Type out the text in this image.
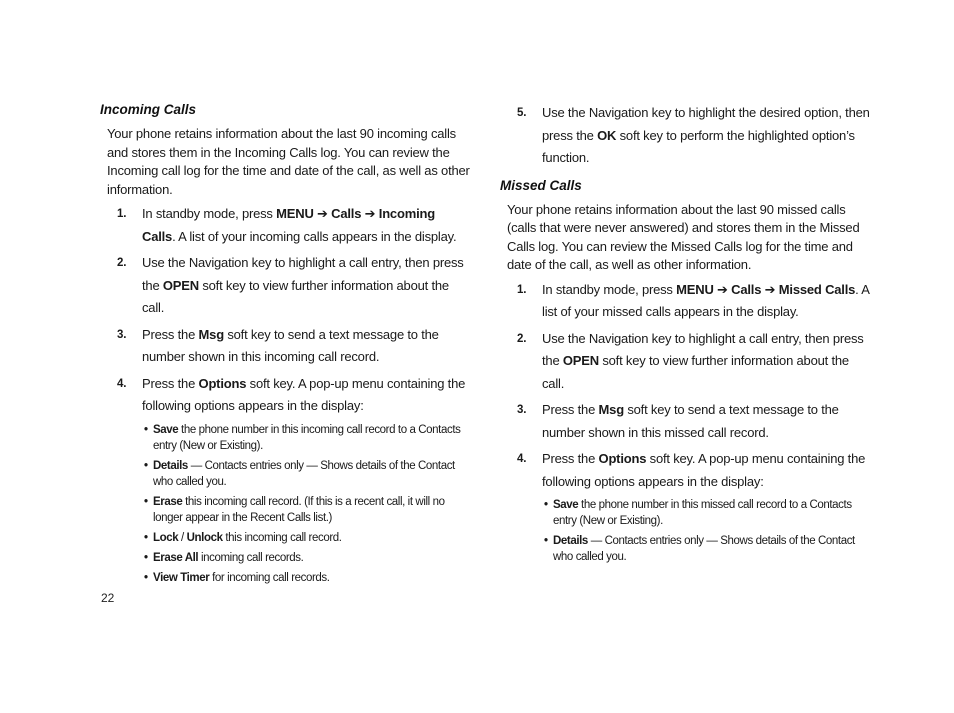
Incoming Calls

Your phone retains information about the last 90 incoming calls and stores them in the Incoming Calls log. You can review the Incoming call log for the time and date of the call, as well as other information.

1. In standby mode, press MENU ➔ Calls ➔ Incoming Calls. A list of your incoming calls appears in the display.
2. Use the Navigation key to highlight a call entry, then press the OPEN soft key to view further information about the call.
3. Press the Msg soft key to send a text message to the number shown in this incoming call record.
4. Press the Options soft key. A pop-up menu containing the following options appears in the display:
• Save the phone number in this incoming call record to a Contacts entry (New or Existing).
• Details — Contacts entries only — Shows details of the Contact who called you.
• Erase this incoming call record. (If this is a recent call, it will no longer appear in the Recent Calls list.)
• Lock / Unlock this incoming call record.
• Erase All incoming call records.
• View Timer for incoming call records.
22
5. Use the Navigation key to highlight the desired option, then press the OK soft key to perform the highlighted option’s function.
Missed Calls

Your phone retains information about the last 90 missed calls (calls that were never answered) and stores them in the Missed Calls log. You can review the Missed Calls log for the time and date of the call, as well as other information.

1. In standby mode, press MENU ➔ Calls ➔ Missed Calls. A list of your missed calls appears in the display.
2. Use the Navigation key to highlight a call entry, then press the OPEN soft key to view further information about the call.
3. Press the Msg soft key to send a text message to the number shown in this missed call record.
4. Press the Options soft key. A pop-up menu containing the following options appears in the display:
• Save the phone number in this missed call record to a Contacts entry (New or Existing).
• Details — Contacts entries only — Shows details of the Contact who called you.
